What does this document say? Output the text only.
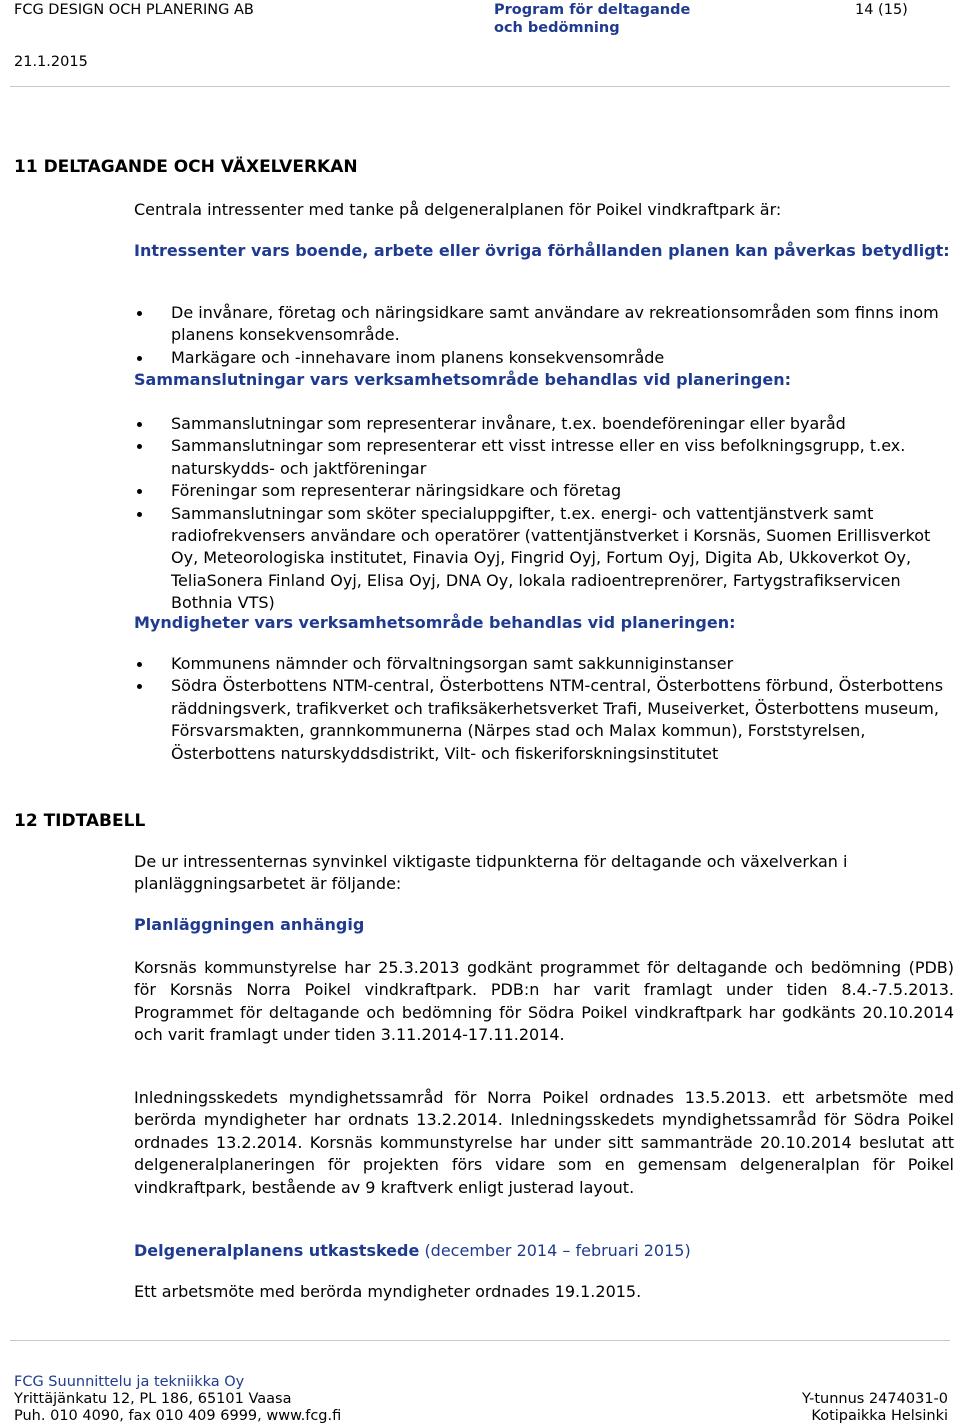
FCG DESIGN OCH PLANERING AB
21.1.2015
Program för deltagande
och bedömning
14 (15)
11 DELTAGANDE OCH VÄXELVERKAN
Centrala intressenter med tanke på delgeneralplanen för Poikel vindkraftpark är:
Intressenter vars boende, arbete eller övriga förhållanden planen kan påverkas betydligt:
De invånare, företag och näringsidkare samt användare av rekreationsområden som finns inom planens konsekvensområde.
Markägare och -innehavare inom planens konsekvensområde
Sammanslutningar vars verksamhetsområde behandlas vid planeringen:
Sammanslutningar som representerar invånare, t.ex. boendeföreningar eller byaråd
Sammanslutningar som representerar ett visst intresse eller en viss befolkningsgrupp, t.ex. naturskydds- och jaktföreningar
Föreningar som representerar näringsidkare och företag
Sammanslutningar som sköter specialuppgifter, t.ex. energi- och vattentjänstverk samt radiofrekvensers användare och operatörer (vattentjänstverket i Korsnäs, Suomen Erillisverkot Oy, Meteorologiska institutet, Finavia Oyj, Fingrid Oyj, Fortum Oyj, Digita Ab, Ukkoverkot Oy, TeliaSonera Finland Oyj, Elisa Oyj, DNA Oy, lokala radioentreprenörer, Fartygstrafikservicen Bothnia VTS)
Myndigheter vars verksamhetsområde behandlas vid planeringen:
Kommunens nämnder och förvaltningsorgan samt sakkunniginstanser
Södra Österbottens NTM-central, Österbottens NTM-central, Österbottens förbund, Österbottens räddningsverk, trafikverket och trafiksäkerhetsverket Trafi, Museiverket, Österbottens museum, Försvarsmakten, grannkommunerna (Närpes stad och Malax kommun), Forststyrelsen, Österbottens naturskyddsdistrikt, Vilt- och fiskeriforskningsinstitutet
12 TIDTABELL
De ur intressenternas synvinkel viktigaste tidpunkterna för deltagande och växelverkan i planläggningsarbetet är följande:
Planläggningen anhängig
Korsnäs kommunstyrelse har 25.3.2013 godkänt programmet för deltagande och bedömning (PDB) för Korsnäs Norra Poikel vindkraftpark. PDB:n har varit framlagt under tiden 8.4.-7.5.2013. Programmet för deltagande och bedömning för Södra Poikel vindkraftpark har godkänts 20.10.2014 och varit framlagt under tiden 3.11.2014-17.11.2014.
Inledningsskedets myndighetssamråd för Norra Poikel ordnades 13.5.2013. ett arbetsmöte med berörda myndigheter har ordnats 13.2.2014. Inledningsskedets myndighetssamråd för Södra Poikel ordnades 13.2.2014. Korsnäs kommunstyrelse har under sitt sammanträde 20.10.2014 beslutat att delgeneralplaneringen för projekten förs vidare som en gemensam delgeneralplan för Poikel vindkraftpark, bestående av 9 kraftverk enligt justerad layout.
Delgeneralplanens utkastskede (december 2014 – februari 2015)
Ett arbetsmöte med berörda myndigheter ordnades 19.1.2015.
FCG Suunnittelu ja tekniikka Oy
Yrittäjänkatu 12, PL 186, 65101 Vaasa
Puh. 010 4090, fax 010 409 6999, www.fcg.fi
Y-tunnus 2474031-0
Kotipaikka Helsinki
